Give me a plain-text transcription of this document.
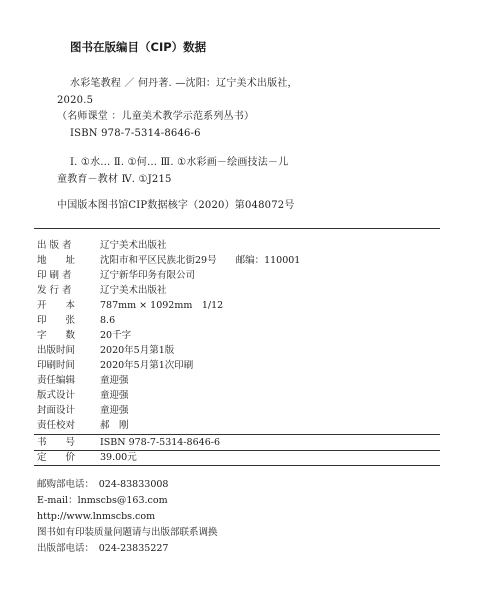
图书在版编目（CIP）数据
水彩笔教程 ／ 何丹著. —沈阳：辽宁美术出版社，
2020.5
（名师课堂 ：儿童美术教学示范系列丛书）
ISBN 978-7-5314-8646-6
Ⅰ. ①水… Ⅱ. ①何… Ⅲ. ①水彩画－绘画技法－儿
童教育－教材 Ⅳ. ①J215
中国版本图书馆CIP数据核字（2020）第048072号
出 版 者	辽宁美术出版社
地　　址	沈阳市和平区民族北街29号　　邮编：110001
印 刷 者	辽宁新华印务有限公司
发 行 者	辽宁美术出版社
开　　本	787mm × 1092mm　1/12
印　　张	8.6
字　　数	20千字
出版时间	2020年5月第1版
印刷时间	2020年5月第1次印刷
责任编辑	童迎强
版式设计	童迎强
封面设计	童迎强
责任校对	郝　刚
书　　号	ISBN 978-7-5314-8646-6
定　　价	39.00元
邮购部电话：　024-83833008
E-mail：lnmscbs@163.com
http://www.lnmscbs.com
图书如有印装质量问题请与出版部联系调换
出版部电话：　024-23835227
